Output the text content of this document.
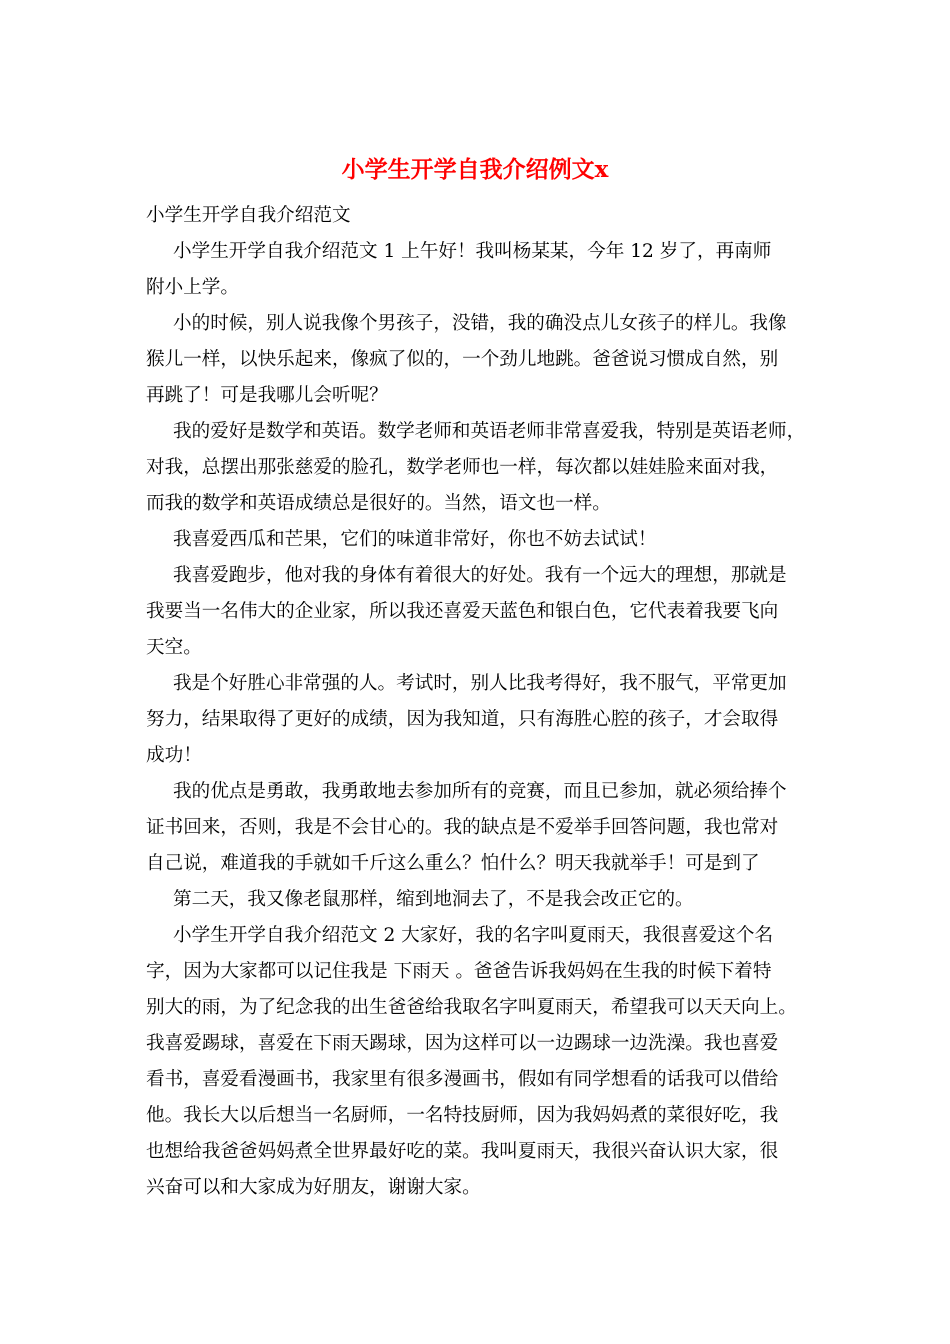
小学生开学自我介绍例文x
小学生开学自我介绍范文
小学生开学自我介绍范文 1 上午好！我叫杨某某，今年 12 岁了，再南师
附小上学。
小的时候，别人说我像个男孩子，没错，我的确没点儿女孩子的样儿。我像
猴儿一样，以快乐起来，像疯了似的，一个劲儿地跳。爸爸说习惯成自然，别
再跳了！可是我哪儿会听呢？
我的爱好是数学和英语。数学老师和英语老师非常喜爱我，特别是英语老师，
对我，总摆出那张慈爱的脸孔，数学老师也一样，每次都以娃娃脸来面对我，
而我的数学和英语成绩总是很好的。当然，语文也一样。
我喜爱西瓜和芒果，它们的味道非常好，你也不妨去试试！
我喜爱跑步，他对我的身体有着很大的好处。我有一个远大的理想，那就是
我要当一名伟大的企业家，所以我还喜爱天蓝色和银白色，它代表着我要飞向
天空。
我是个好胜心非常强的人。考试时，别人比我考得好，我不服气，平常更加
努力，结果取得了更好的成绩，因为我知道，只有海胜心腔的孩子，才会取得
成功！
我的优点是勇敢，我勇敢地去参加所有的竞赛，而且已参加，就必须给捧个
证书回来，否则，我是不会甘心的。我的缺点是不爱举手回答问题，我也常对
自己说，难道我的手就如千斤这么重么？怕什么？明天我就举手！可是到了
第二天，我又像老鼠那样，缩到地洞去了，不是我会改正它的。
小学生开学自我介绍范文 2 大家好，我的名字叫夏雨天，我很喜爱这个名
字，因为大家都可以记住我是 下雨天 。爸爸告诉我妈妈在生我的时候下着特
别大的雨，为了纪念我的出生爸爸给我取名字叫夏雨天，希望我可以天天向上。
我喜爱踢球，喜爱在下雨天踢球，因为这样可以一边踢球一边洗澡。我也喜爱
看书，喜爱看漫画书，我家里有很多漫画书，假如有同学想看的话我可以借给
他。我长大以后想当一名厨师，一名特技厨师，因为我妈妈煮的菜很好吃，我
也想给我爸爸妈妈煮全世界最好吃的菜。我叫夏雨天，我很兴奋认识大家，很
兴奋可以和大家成为好朋友，谢谢大家。
